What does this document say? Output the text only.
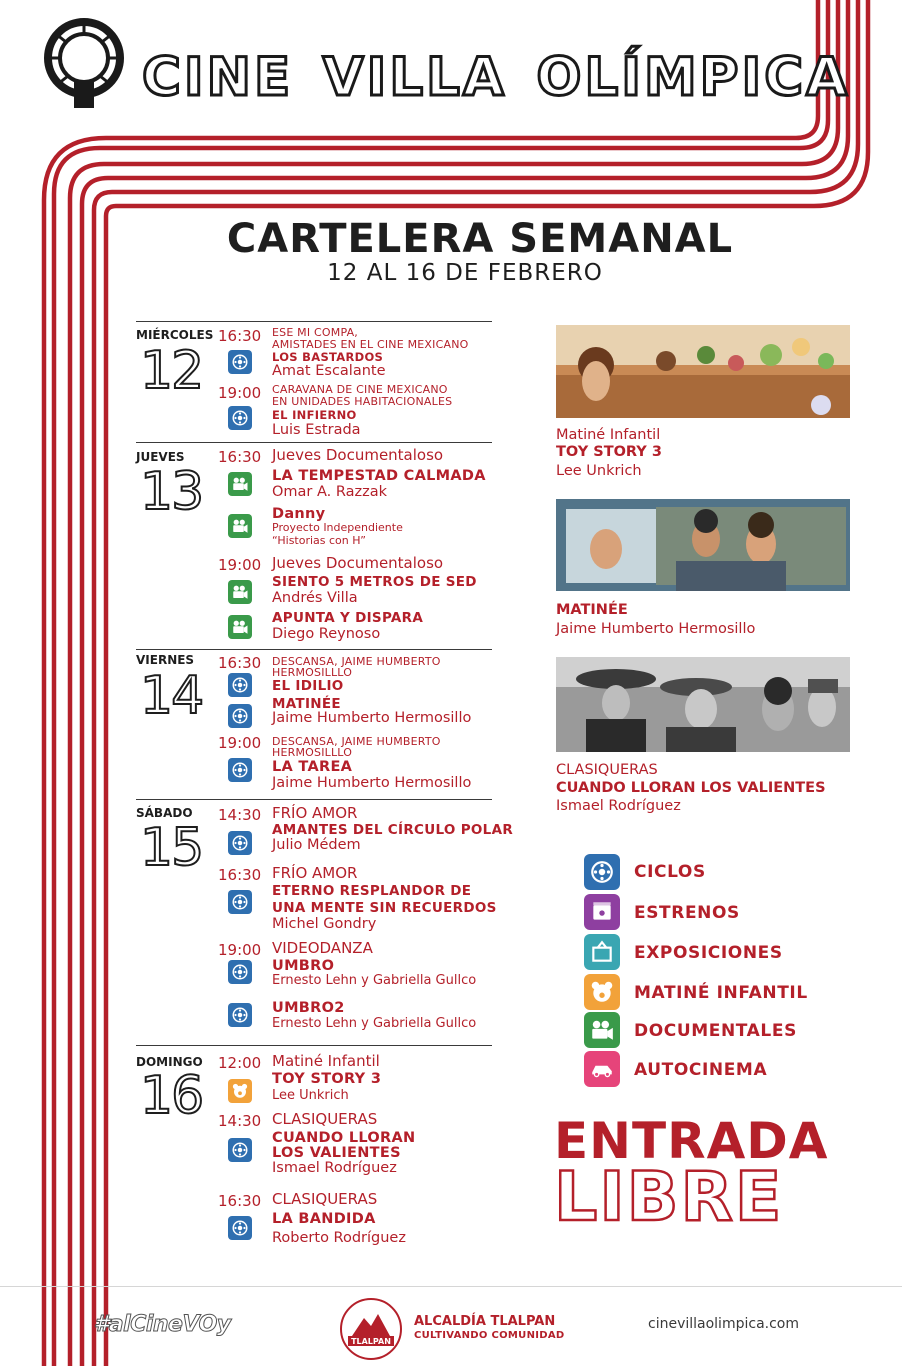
cine villa olímpica
CARTELERA SEMANAL
12 AL 16 DE FEBRERO
MIÉRCOLES
12
16:30 ESE MI COMPA,
AMISTADES EN EL CINE MEXICANO
LOS BASTARDOS
Amat Escalante
19:00 CARAVANA DE CINE MEXICANO
EN UNIDADES HABITACIONALES
EL INFIERNO
Luis Estrada
JUEVES
13
16:30 Jueves Documentaloso
LA TEMPESTAD CALMADA
Omar A. Razzak
Danny
Proyecto Independiente
“Historias con H”
19:00 Jueves Documentaloso
SIENTO 5 METROS DE SED
Andrés Villa
APUNTA Y DISPARA
Diego Reynoso
VIERNES
14
16:30 DESCANSA, JAIME HUMBERTO
HERMOSILLLO
EL IDILIO
MATINÉE
Jaime Humberto Hermosillo
19:00 DESCANSA, JAIME HUMBERTO
HERMOSILLLO
LA TAREA
Jaime Humberto Hermosillo
SÁBADO
15
14:30 FRÍO AMOR
AMANTES DEL CÍRCULO POLAR
Julio Médem
16:30 FRÍO AMOR
ETERNO RESPLANDOR DE
UNA MENTE SIN RECUERDOS
Michel Gondry
19:00 VIDEODANZA
UMBRO
Ernesto Lehn y Gabriella Gullco
UMBRO2
Ernesto Lehn y Gabriella Gullco
DOMINGO
16
12:00 Matiné Infantil
TOY STORY 3
Lee Unkrich
14:30 CLASIQUERAS
CUANDO LLORAN
LOS VALIENTES
Ismael Rodríguez
16:30 CLASIQUERAS
LA BANDIDA
Roberto Rodríguez
Matiné Infantil
TOY STORY 3
Lee Unkrich
MATINÉE
Jaime Humberto Hermosillo
CLASIQUERAS
CUANDO LLORAN LOS VALIENTES
Ismael Rodríguez
CICLOS
ESTRENOS
EXPOSICIONES
MATINÉ INFANTIL
DOCUMENTALES
AUTOCINEMA
ENTRADA
LIBRE
#alCineVOy
TLALPAN
ALCALDÍA TLALPAN
CULTIVANDO COMUNIDAD
cinevillaolimpica.com
